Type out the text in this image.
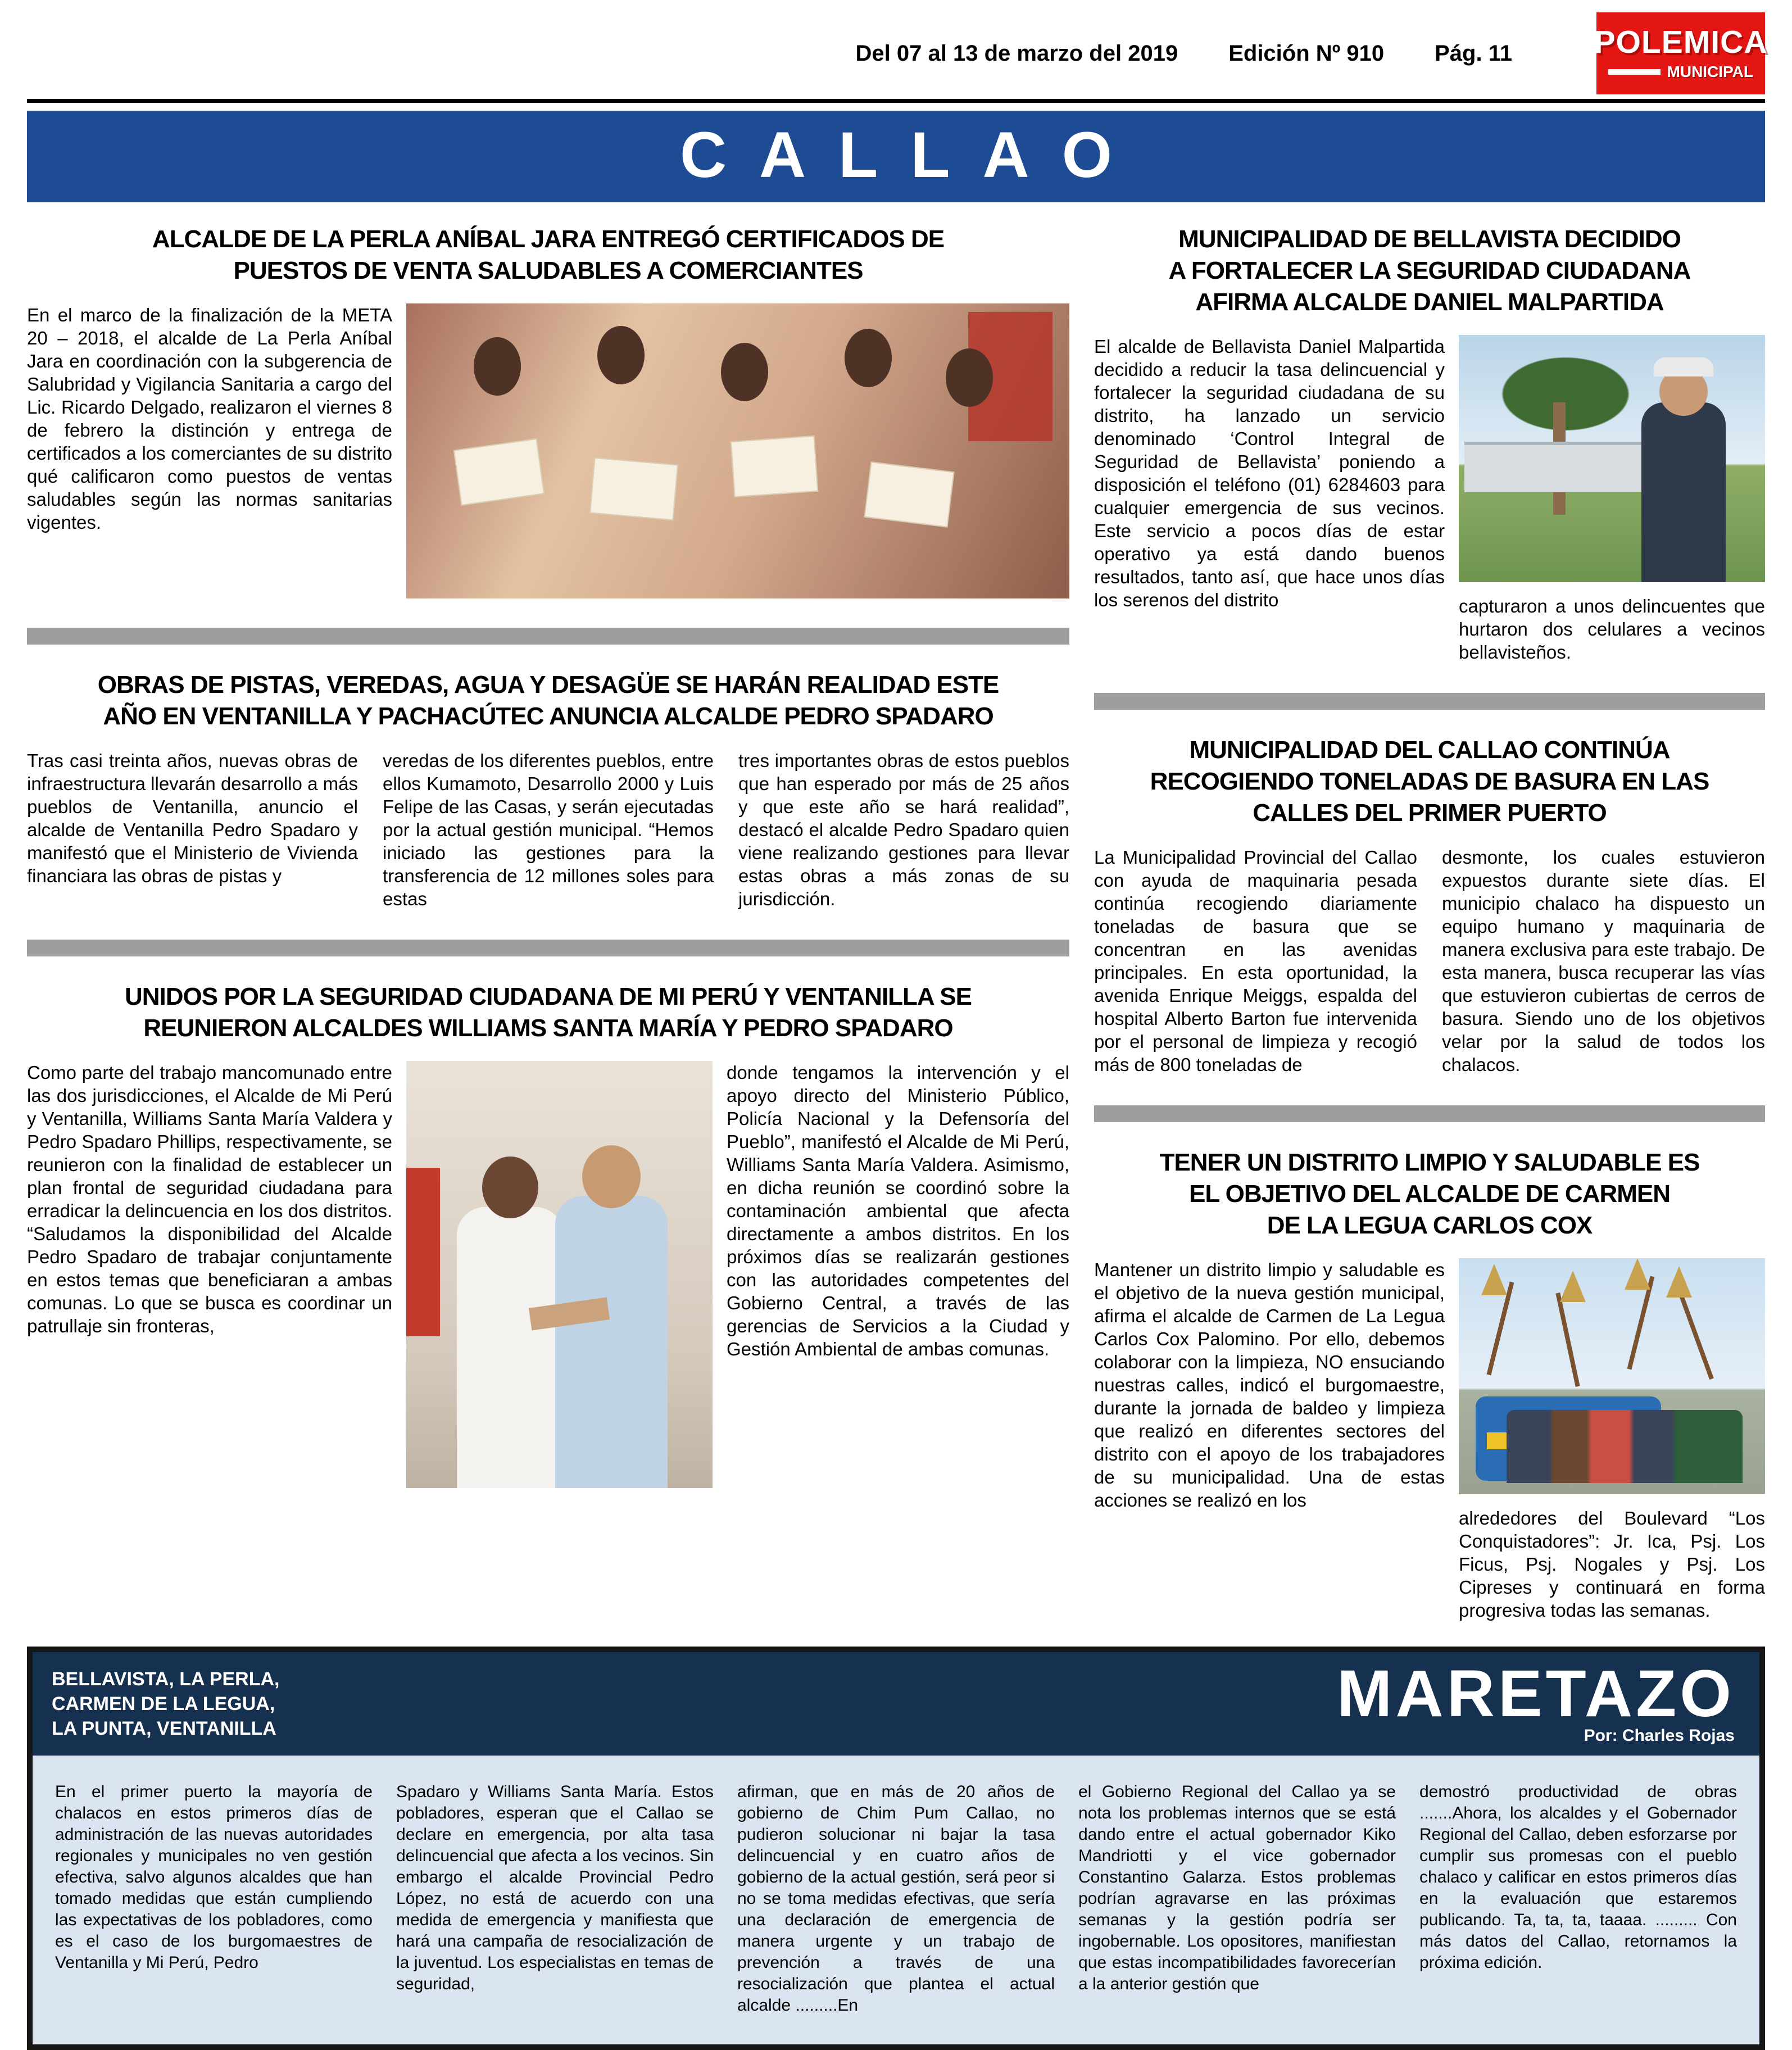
Del 07 al 13 de marzo del 2019 Edición Nº 910 Pág. 11	POLEMICA
MUNICIPAL
CALLAO
ALCALDE DE LA PERLA ANÍBAL JARA ENTREGÓ CERTIFICADOS DE
PUESTOS DE VENTA SALUDABLES A COMERCIANTES

En el marco de la finalización de la META 20 – 2018, el alcalde de La Perla Aníbal Jara en coordinación con la subgerencia de Salubridad y Vigilancia Sanitaria a cargo del Lic. Ricardo Delgado, realizaron el viernes 8 de febrero la distinción y entrega de certificados a los comerciantes de su distrito qué calificaron como puestos de ventas saludables según las normas sanitarias vigentes.

OBRAS DE PISTAS, VEREDAS, AGUA Y DESAGÜE SE HARÁN REALIDAD ESTE
AÑO EN VENTANILLA Y PACHACÚTEC ANUNCIA ALCALDE PEDRO SPADARO
Tras casi treinta años, nuevas obras de infraestructura llevarán desarrollo a más pueblos de Ventanilla, anuncio el alcalde de Ventanilla Pedro Spadaro y manifestó que el Ministerio de Vivienda financiara las obras de pistas y
veredas de los diferentes pueblos, entre ellos Kumamoto, Desarrollo 2000 y Luis Felipe de las Casas, y serán ejecutadas por la actual gestión municipal. “Hemos iniciado las gestiones para la transferencia de 12 millones soles para estas
tres importantes obras de estos pueblos que han esperado por más de 25 años y que este año se hará realidad”, destacó el alcalde Pedro Spadaro quien viene realizando gestiones para llevar estas obras a más zonas de su jurisdicción.
UNIDOS POR LA SEGURIDAD CIUDADANA DE MI PERÚ Y VENTANILLA SE
REUNIERON ALCALDES WILLIAMS SANTA MARÍA Y PEDRO SPADARO

Como parte del trabajo mancomunado entre las dos jurisdicciones, el Alcalde de Mi Perú y Ventanilla, Williams Santa María Valdera y Pedro Spadaro Phillips, respectivamente, se reunieron con la finalidad de establecer un plan frontal de seguridad ciudadana para erradicar la delincuencia en los dos distritos. “Saludamos la disponibilidad del Alcalde Pedro Spadaro de trabajar conjuntamente en estos temas que beneficiaran a ambas comunas. Lo que se busca es coordinar un patrullaje sin fronteras,

donde tengamos la intervención y el apoyo directo del Ministerio Público, Policía Nacional y la Defensoría del Pueblo”, manifestó el Alcalde de Mi Perú, Williams Santa María Valdera. Asimismo, en dicha reunión se coordinó sobre la contaminación ambiental que afecta directamente a ambos distritos. En los próximos días se realizarán gestiones con las autoridades competentes del Gobierno Central, a través de las gerencias de Servicios a la Ciudad y Gestión Ambiental de ambas comunas.

MUNICIPALIDAD DE BELLAVISTA DECIDIDO
A FORTALECER LA SEGURIDAD CIUDADANA
AFIRMA ALCALDE DANIEL MALPARTIDA

El alcalde de Bellavista Daniel Malpartida decidido a reducir la tasa delincuencial y fortalecer la seguridad ciudadana de su distrito, ha lanzado un servicio denominado ‘Control Integral de Seguridad de Bellavista’ poniendo a disposición el teléfono (01) 6284603 para cualquier emergencia de sus vecinos. Este servicio a pocos días de estar operativo ya está dando buenos resultados, tanto así, que hace unos días los serenos del distrito	capturaron a unos delincuentes que hurtaron dos celulares a vecinos bellavisteños.

MUNICIPALIDAD DEL CALLAO CONTINÚA
RECOGIENDO TONELADAS DE BASURA EN LAS
CALLES DEL PRIMER PUERTO
La Municipalidad Provincial del Callao con ayuda de maquinaria pesada continúa recogiendo diariamente toneladas de basura que se concentran en las avenidas principales. En esta oportunidad, la avenida Enrique Meiggs, espalda del hospital Alberto Barton fue intervenida por el personal de limpieza y recogió más de 800 toneladas de
desmonte, los cuales estuvieron expuestos durante siete días. El municipio chalaco ha dispuesto un equipo humano y maquinaria de manera exclusiva para este trabajo. De esta manera, busca recuperar las vías que estuvieron cubiertas de cerros de basura. Siendo uno de los objetivos velar por la salud de todos los chalacos.
TENER UN DISTRITO LIMPIO Y SALUDABLE ES
EL OBJETIVO DEL ALCALDE DE CARMEN
DE LA LEGUA CARLOS COX

Mantener un distrito limpio y saludable es el objetivo de la nueva gestión municipal, afirma el alcalde de Carmen de La Legua Carlos Cox Palomino. Por ello, debemos colaborar con la limpieza, NO ensuciando nuestras calles, indicó el burgomaestre, durante la jornada de baldeo y limpieza que realizó en diferentes sectores del distrito con el apoyo de los trabajadores de su municipalidad. Una de estas acciones se realizó en los

alrededores del Boulevard “Los Conquistadores”: Jr. Ica, Psj. Los Ficus, Psj. Nogales y Psj. Los Cipreses y continuará en forma progresiva todas las semanas.

BELLAVISTA, LA PERLA,
CARMEN DE LA LEGUA,
LA PUNTA, VENTANILLA	MARETAZO
Por: Charles Rojas
En el primer puerto la mayoría de chalacos en estos primeros días de administración de las nuevas autoridades regionales y municipales no ven gestión efectiva, salvo algunos alcaldes que han tomado medidas que están cumpliendo las expectativas de los pobladores, como es el caso de los burgomaestres de Ventanilla y Mi Perú, Pedro
Spadaro y Williams Santa María. Estos pobladores, esperan que el Callao se declare en emergencia, por alta tasa delincuencial que afecta a los vecinos. Sin embargo el alcalde Provincial Pedro López, no está de acuerdo con una medida de emergencia y manifiesta que hará una campaña de resocialización de la juventud. Los especialistas en temas de seguridad,
afirman, que en más de 20 años de gobierno de Chim Pum Callao, no pudieron solucionar ni bajar la tasa delincuencial y en cuatro años de gobierno de la actual gestión, será peor si no se toma medidas efectivas, que sería una declaración de emergencia de manera urgente y un trabajo de prevención a través de una resocialización que plantea el actual alcalde .........En
el Gobierno Regional del Callao ya se nota los problemas internos que se está dando entre el actual gobernador Kiko Mandriotti y el vice gobernador Constantino Galarza. Estos problemas podrían agravarse en las próximas semanas y la gestión podría ser ingobernable. Los opositores, manifiestan que estas incompatibilidades favorecerían a la anterior gestión que
demostró productividad de obras .......Ahora, los alcaldes y el Gobernador Regional del Callao, deben esforzarse por cumplir sus promesas con el pueblo chalaco y calificar en estos primeros días en la evaluación que estaremos publicando. Ta, ta, ta, taaaa. ......... Con más datos del Callao, retornamos la próxima edición.
